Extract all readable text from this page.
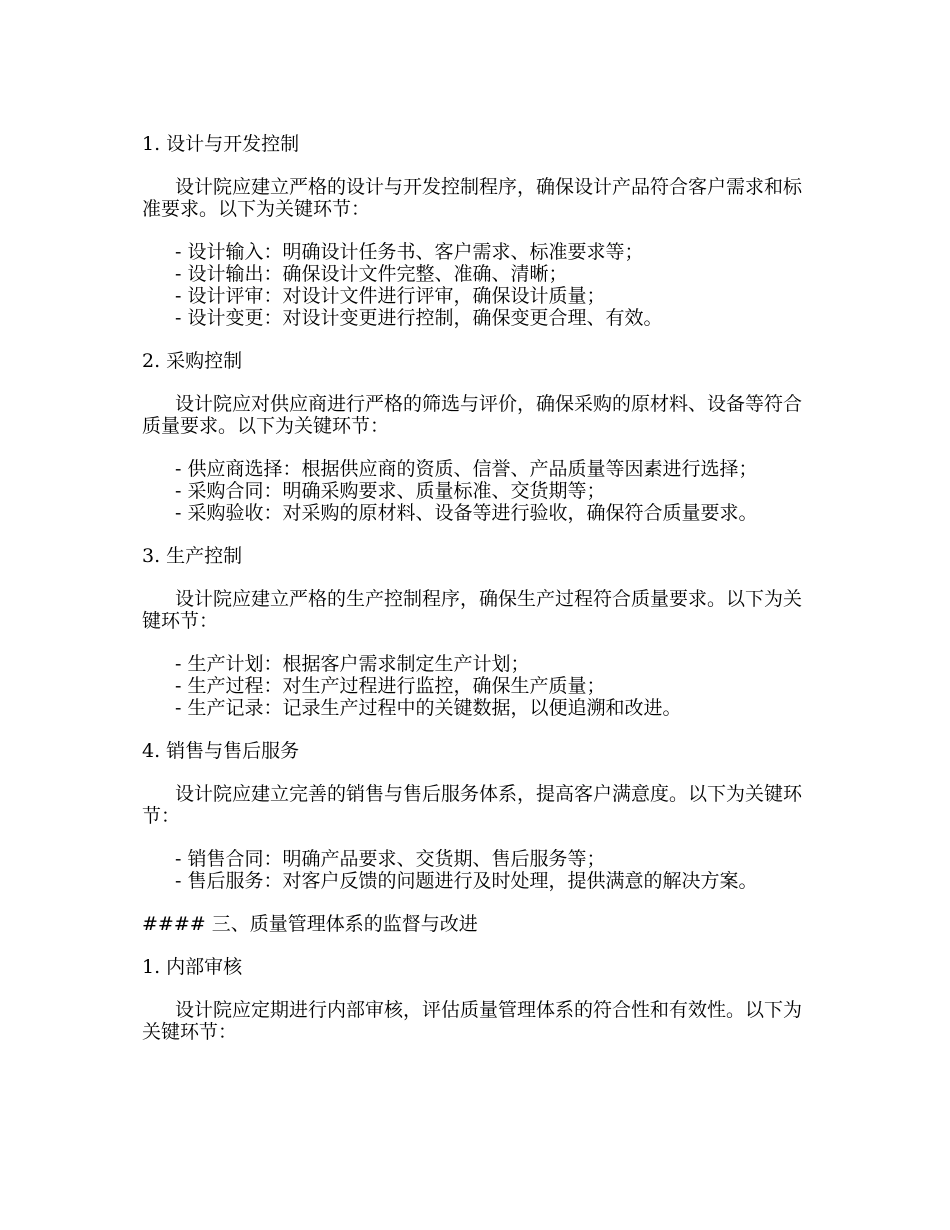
1. 设计与开发控制
设计院应建立严格的设计与开发控制程序，确保设计产品符合客户需求和标准要求。以下为关键环节：
- 设计输入：明确设计任务书、客户需求、标准要求等；
- 设计输出：确保设计文件完整、准确、清晰；
- 设计评审：对设计文件进行评审，确保设计质量；
- 设计变更：对设计变更进行控制，确保变更合理、有效。
2. 采购控制
设计院应对供应商进行严格的筛选与评价，确保采购的原材料、设备等符合质量要求。以下为关键环节：
- 供应商选择：根据供应商的资质、信誉、产品质量等因素进行选择；
- 采购合同：明确采购要求、质量标准、交货期等；
- 采购验收：对采购的原材料、设备等进行验收，确保符合质量要求。
3. 生产控制
设计院应建立严格的生产控制程序，确保生产过程符合质量要求。以下为关键环节：
- 生产计划：根据客户需求制定生产计划；
- 生产过程：对生产过程进行监控，确保生产质量；
- 生产记录：记录生产过程中的关键数据，以便追溯和改进。
4. 销售与售后服务
设计院应建立完善的销售与售后服务体系，提高客户满意度。以下为关键环节：
- 销售合同：明确产品要求、交货期、售后服务等；
- 售后服务：对客户反馈的问题进行及时处理，提供满意的解决方案。
#### 三、质量管理体系的监督与改进
1. 内部审核
设计院应定期进行内部审核，评估质量管理体系的符合性和有效性。以下为关键环节：
